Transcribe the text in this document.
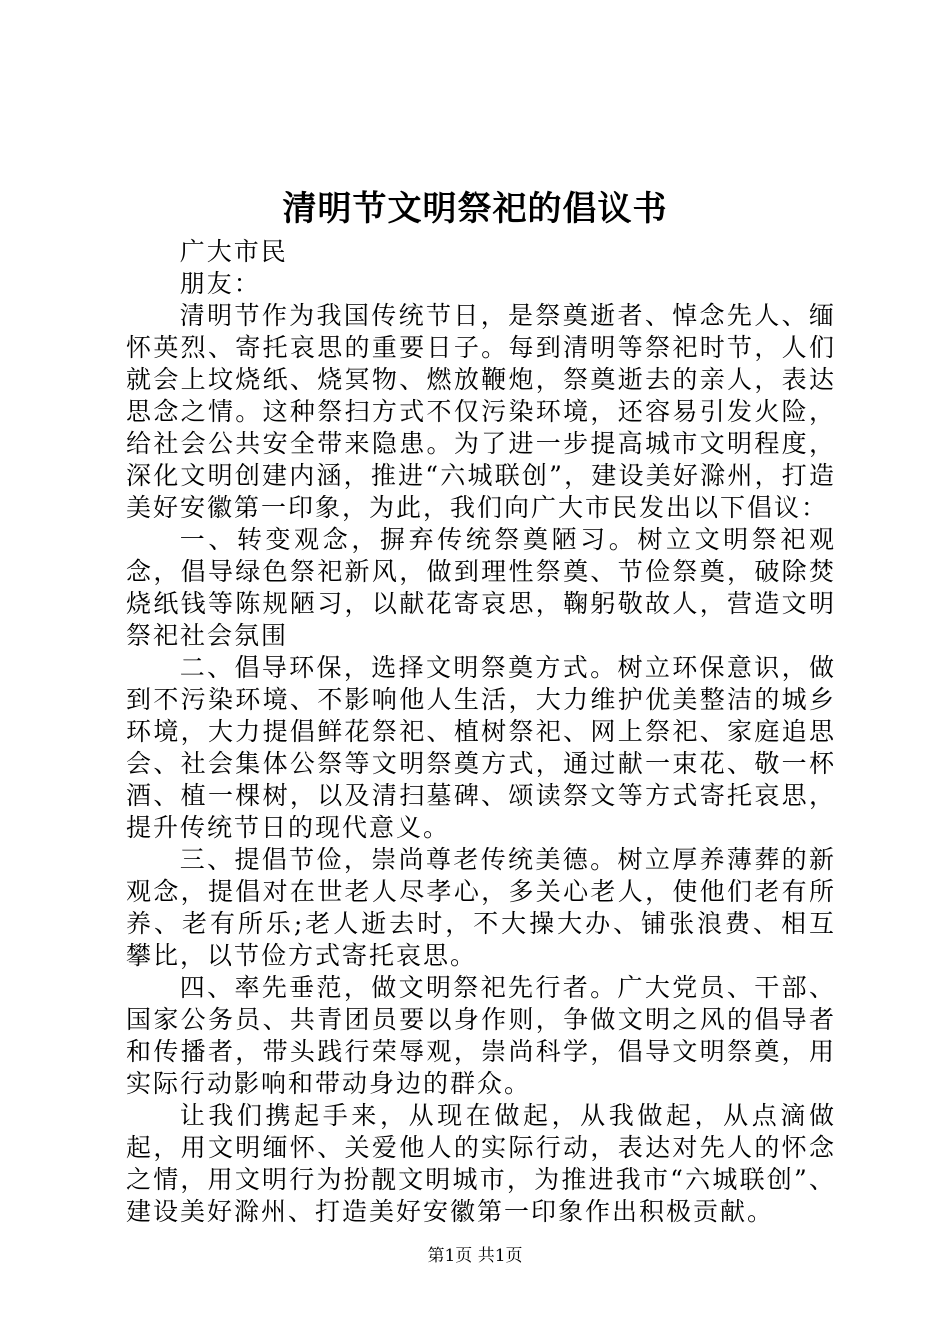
清明节文明祭祀的倡议书

广大市民

朋友：

清明节作为我国传统节日，是祭奠逝者、悼念先人、缅怀英烈、寄托哀思的重要日子。每到清明等祭祀时节，人们就会上坟烧纸、烧冥物、燃放鞭炮，祭奠逝去的亲人，表达思念之情。这种祭扫方式不仅污染环境，还容易引发火险，给社会公共安全带来隐患。为了进一步提高城市文明程度，深化文明创建内涵，推进“六城联创”，建设美好滁州，打造美好安徽第一印象，为此，我们向广大市民发出以下倡议：

一、转变观念，摒弃传统祭奠陋习。树立文明祭祀观念，倡导绿色祭祀新风，做到理性祭奠、节俭祭奠，破除焚烧纸钱等陈规陋习，以献花寄哀思，鞠躬敬故人，营造文明祭祀社会氛围

二、倡导环保，选择文明祭奠方式。树立环保意识，做到不污染环境、不影响他人生活，大力维护优美整洁的城乡环境，大力提倡鲜花祭祀、植树祭祀、网上祭祀、家庭追思会、社会集体公祭等文明祭奠方式，通过献一束花、敬一杯酒、植一棵树，以及清扫墓碑、颂读祭文等方式寄托哀思，提升传统节日的现代意义。

三、提倡节俭，崇尚尊老传统美德。树立厚养薄葬的新观念，提倡对在世老人尽孝心，多关心老人，使他们老有所养、老有所乐;老人逝去时，不大操大办、铺张浪费、相互攀比，以节俭方式寄托哀思。

四、率先垂范，做文明祭祀先行者。广大党员、干部、国家公务员、共青团员要以身作则，争做文明之风的倡导者和传播者，带头践行荣辱观，崇尚科学，倡导文明祭奠，用实际行动影响和带动身边的群众。

让我们携起手来，从现在做起，从我做起，从点滴做起，用文明缅怀、关爱他人的实际行动，表达对先人的怀念之情，用文明行为扮靓文明城市，为推进我市“六城联创”、建设美好滁州、打造美好安徽第一印象作出积极贡献。

第1页 共1页
